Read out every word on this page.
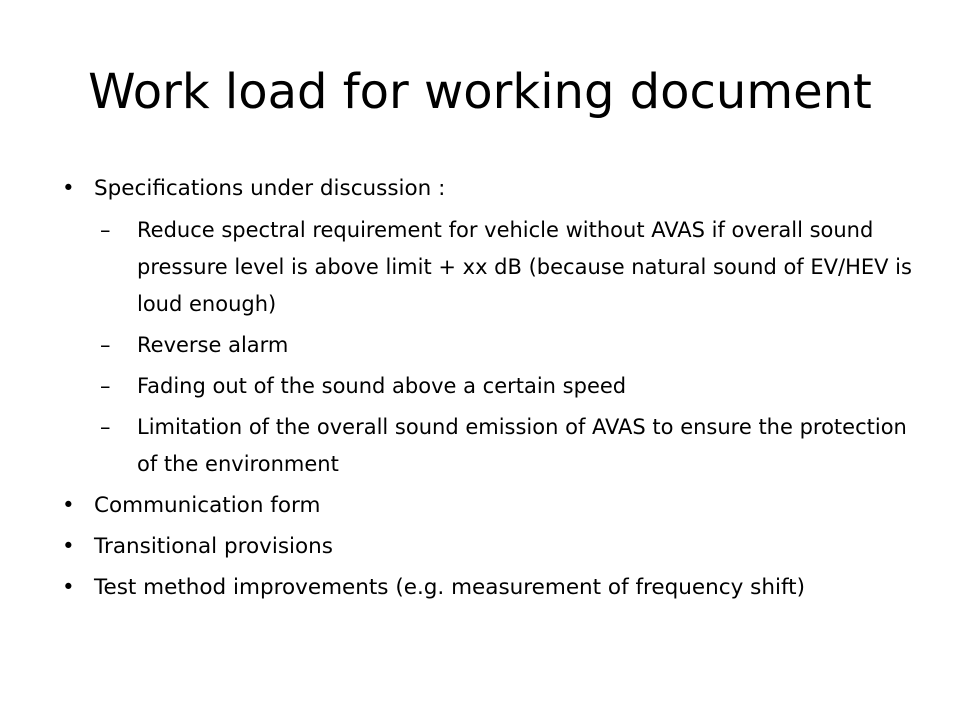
Work load for working document
• Specifications under discussion :
– Reduce spectral requirement for vehicle without AVAS if overall sound pressure level is above limit + xx dB (because natural sound of EV/HEV is loud enough)
– Reverse alarm
– Fading out of the sound above a certain speed
– Limitation of the overall sound emission of AVAS to ensure the protection of the environment
• Communication form
• Transitional provisions
• Test method improvements (e.g. measurement of frequency shift)
